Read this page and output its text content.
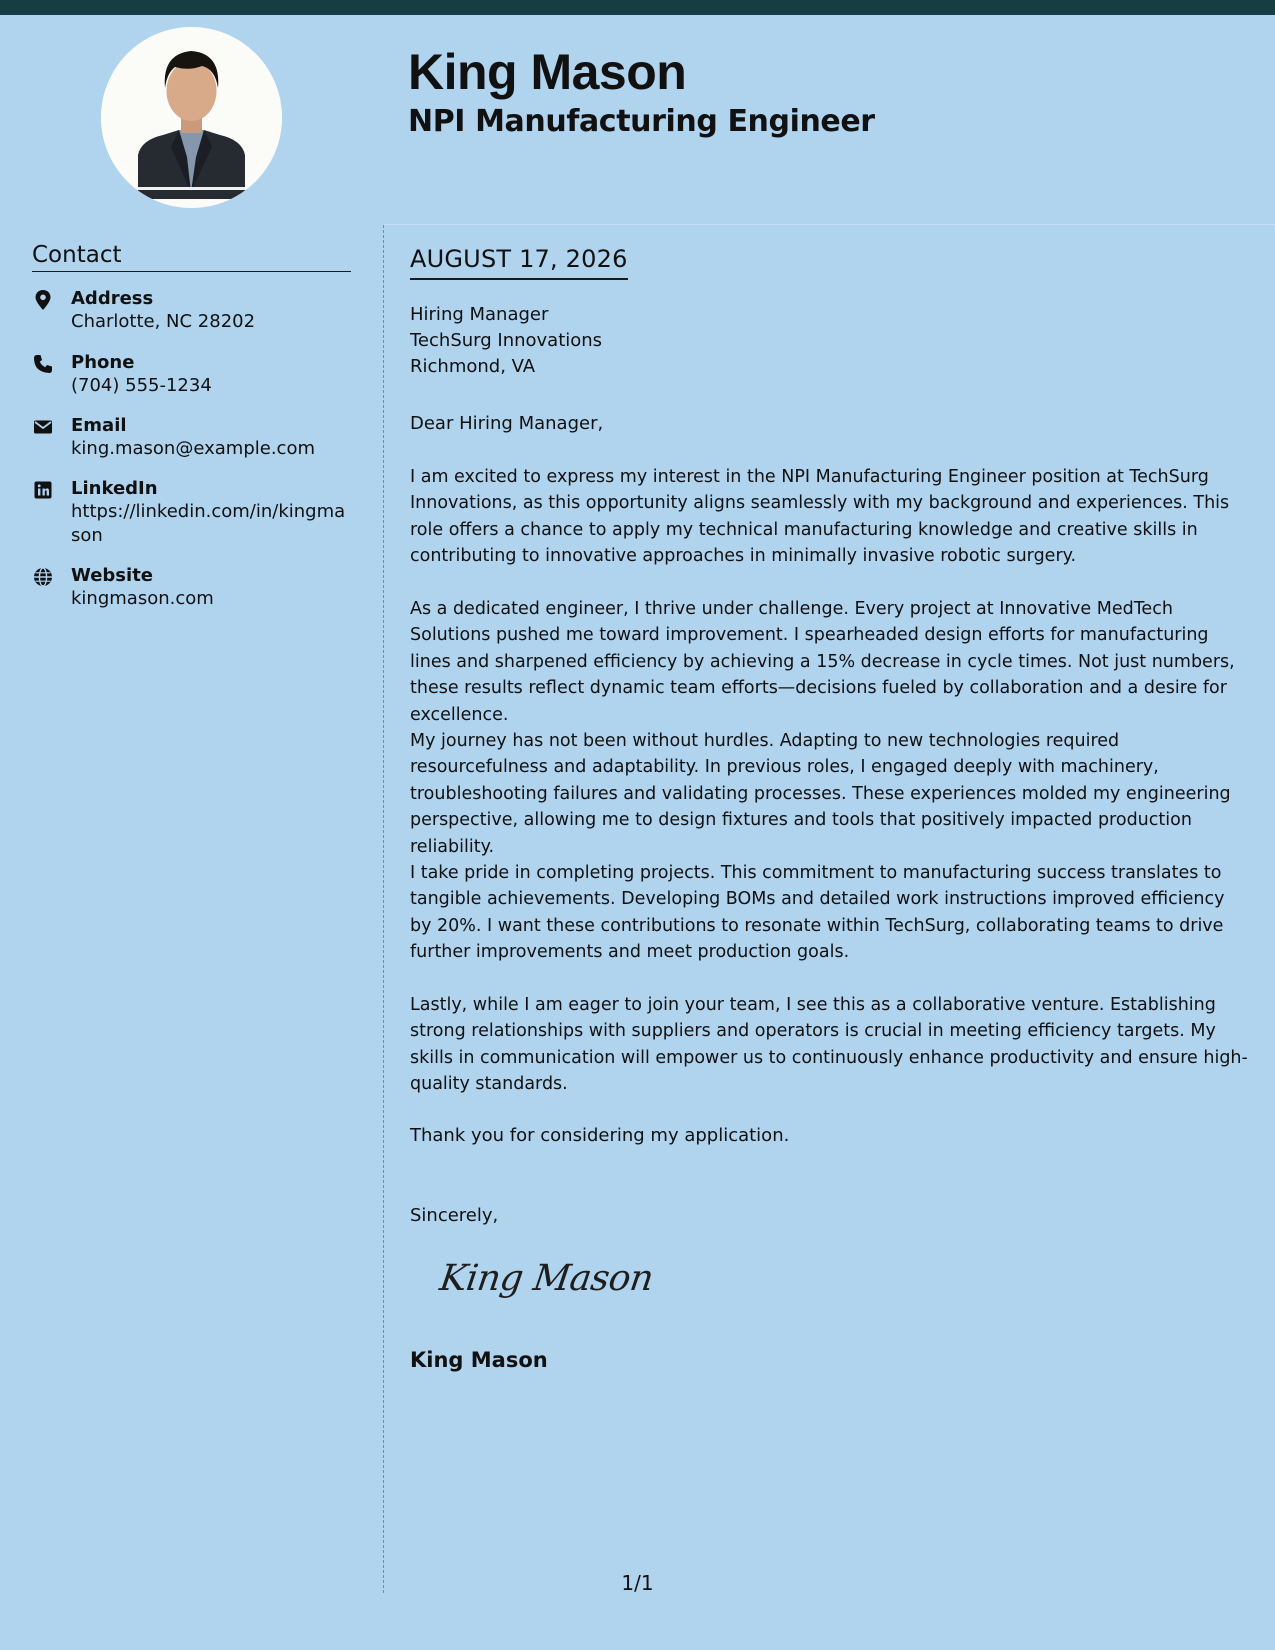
King Mason
NPI Manufacturing Engineer
Contact
Address
Charlotte, NC 28202
Phone
(704) 555-1234
Email
king.mason@example.com
LinkedIn
https://linkedin.com/in/kingmason
Website
kingmason.com
AUGUST 17, 2026
Hiring Manager
TechSurg Innovations
Richmond, VA
Dear Hiring Manager,

I am excited to express my interest in the NPI Manufacturing Engineer position at TechSurg Innovations, as this opportunity aligns seamlessly with my background and experiences. This role offers a chance to apply my technical manufacturing knowledge and creative skills in contributing to innovative approaches in minimally invasive robotic surgery.

As a dedicated engineer, I thrive under challenge. Every project at Innovative MedTech Solutions pushed me toward improvement. I spearheaded design efforts for manufacturing lines and sharpened efficiency by achieving a 15% decrease in cycle times. Not just numbers, these results reflect dynamic team efforts—decisions fueled by collaboration and a desire for excellence.

My journey has not been without hurdles. Adapting to new technologies required resourcefulness and adaptability. In previous roles, I engaged deeply with machinery, troubleshooting failures and validating processes. These experiences molded my engineering perspective, allowing me to design fixtures and tools that positively impacted production reliability.

I take pride in completing projects. This commitment to manufacturing success translates to tangible achievements. Developing BOMs and detailed work instructions improved efficiency by 20%. I want these contributions to resonate within TechSurg, collaborating teams to drive further improvements and meet production goals.

Lastly, while I am eager to join your team, I see this as a collaborative venture. Establishing strong relationships with suppliers and operators is crucial in meeting efficiency targets. My skills in communication will empower us to continuously enhance productivity and ensure high-quality standards.

Thank you for considering my application.
Sincerely,
King Mason
King Mason
1/1
